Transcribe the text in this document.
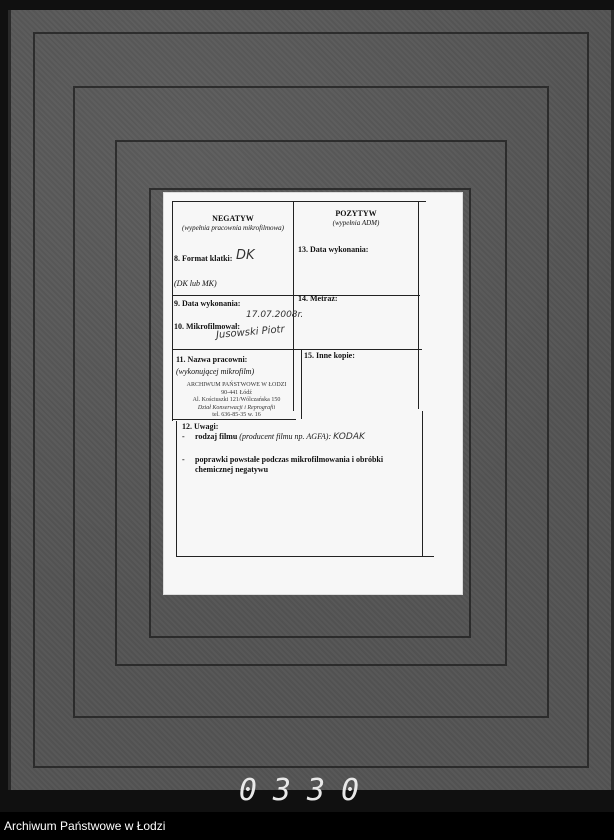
NEGATYW
(wypełnia pracownia mikrofilmowa)
POZYTYW
(wypełnia ADM)
8. Format klatki: DK
(DK lub MK)
13. Data wykonania:
9. Data wykonania:
17.07.2008r.
14. Metraż:
10. Mikrofilmował:
Jusowski Piotr
11. Nazwa pracowni:
(wykonującej mikrofilm)
ARCHIWUM PAŃSTWOWE W ŁODZI
90-441 Łódź
Al. Kościuszki 121/Wólczańska 150
Dział Konserwacji i Reprografii
tel. 636-85-35 w. 16
15. Inne kopie:
12. Uwagi:
- rodzaj filmu (producent filmu np. AGFA): KODAK
- poprawki powstałe podczas mikrofilmowania i obróbki chemicznej negatywu
0330
Archiwum Państwowe w Łodzi
